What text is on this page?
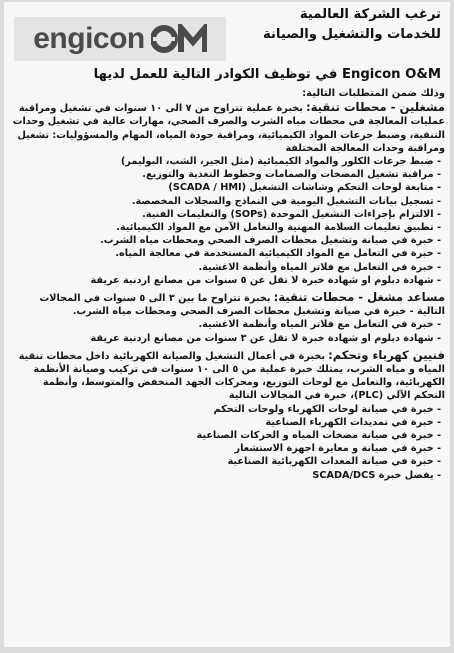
engicon
ترغب الشركة العالمية
للخدمات والتشغيل والصيانة
Engicon O&M في توظيف الكوادر التالية للعمل لديها

وذلك ضمن المتطلبات التالية:

مشغلين - محطات تنقية: بخبرة عملية تتراوح من ٧ الى ١٠ سنوات في تشغيل ومراقبة عمليات المعالجة في محطات مياه الشرب والصرف الصحي، مهارات عالية في تشغيل وحدات التنقية، وضبط جرعات المواد الكيميائية، ومراقبة جودة المياه، المهام والمسؤوليات: تشغيل ومراقبة وحدات المعالجة المختلفة

- ضبط جرعات الكلور والمواد الكيميائية (مثل الجير، الشب، البوليمر)

- مراقبة تشغيل المضخات والصمامات وخطوط التغذية والتوزيع.

- متابعة لوحات التحكم وشاشات التشغيل (SCADA / HMI)

- تسجيل بيانات التشغيل اليومية في النماذج والسجلات المخصصة.

- الالتزام بإجراءات التشغيل الموحدة (SOPs) والتعليمات الفنية.

- تطبيق تعليمات السلامة المهنية والتعامل الآمن مع المواد الكيميائية.

- خبرة في صيانة وتشغيل محطات الصرف الصحي ومحطات مياه الشرب.

- خبرة في التعامل مع المواد الكيميائية المستخدمة في معالجة المياه.

- خبرة في التعامل مع فلاتر المياه وأنظمة الاغشية.

- شهادة دبلوم او شهادة خبرة لا تقل عن ٥ سنوات من مصانع اردنية عريقة

مساعد مشغل - محطات تنقية: بخبرة تتراوح ما بين ٣ الى ٥ سنوات في المجالات التالية - خبرة في صيانة وتشغيل محطات الصرف الصحي ومحطات مياه الشرب.

- خبرة في التعامل مع فلاتر المياه وأنظمة الاغشية.

- شهادة دبلوم او شهادة خبرة لا تقل عن ٣ سنوات من مصانع اردنية عريقة

فنيين كهرباء وتحكم: بخبرة في أعمال التشغيل والصيانة الكهربائية داخل محطات تنقية المياه و مياه الشرب، يمتلك خبرة عملية من ٥ الى ١٠ سنوات في تركيب وصيانة الأنظمة الكهربائية، والتعامل مع لوحات التوزيع، ومحركات الجهد المنخفض والمتوسط، وأنظمة التحكم الآلي (PLC)، خبرة في المجالات التالية

- خبرة في صيانة لوحات الكهرباء ولوحات التحكم

- خبرة في تمديدات الكهرباء الصناعية

- خبرة في صيانة مضخات المياه و الحركات الصناعية

- خبرة في صيانة و معايرة اجهزة الاستشعار

- خبرة في صيانة المعدات الكهربائية الصناعية

- يفضل خبرة SCADA/DCS
